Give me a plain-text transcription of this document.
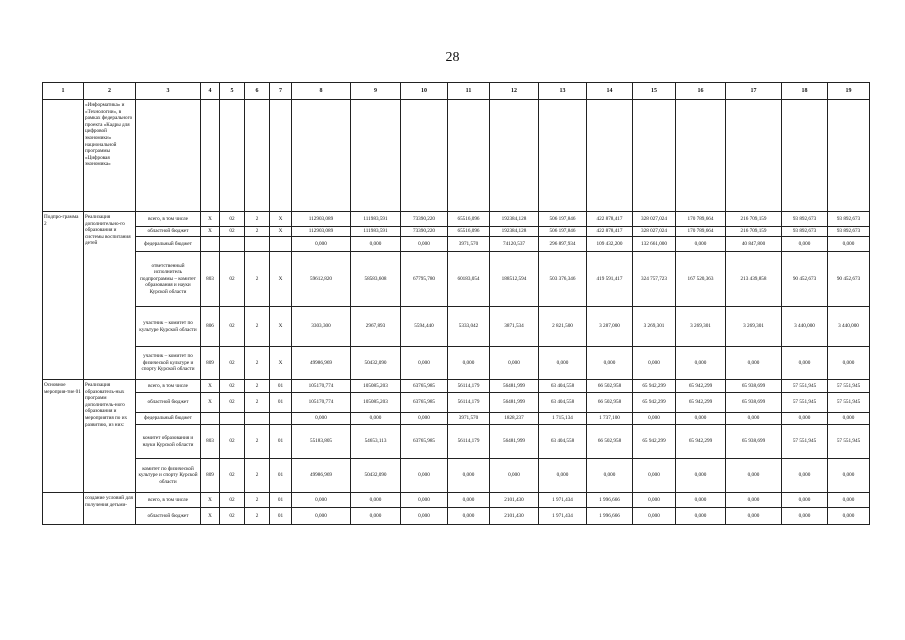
28
1	2	3	4	5	6	7	8	9	10	11	12	13	14	15	16	17	18	19
	«Информатика» и «Технологии», в рамках федерального проекта «Кадры для цифровой экономики» национальной программы «Цифровая экономика»																	
Подпро-грамма 2	Реализация дополнительно-го образования и системы воспитания детей	всего, в том числе	X	02	2	X	112903,089	111983,591	73390,220	65516,096	192384,128	506 197,846	422 878,417	328 027,024	170 789,664	216 709,159	93 892,673	93 892,673
		областной бюджет	X	02	2	X	112903,089	111983,591	73390,220	65516,096	192384,128	506 197,846	422 878,417	328 027,024	170 789,664	216 709,159	93 892,673	93 892,673
		федеральный бюджет					0,000	0,000	0,000	3971,570	74120,537	296 897,934	109 432,200	132 661,000	0,000	40 847,800	0,000	0,000
		ответственный исполнитель подпрограммы – комитет образования и науки Курской области	803	02	2	X	59612,820	58583,608	67795,780	60183,054	188512,594	503 376,346	419 591,417	324 757,723	167 520,363	213 439,858	90 452,673	90 452,673
		участник – комитет по культуре Курской области	806	02	2	X	3303,300	2967,893	5594,440	5333,042	3871,534	2 821,500	3 287,000	3 269,301	3 269,301	3 269,301	3 440,000	3 440,000
		участник – комитет по физической культуре и спорту Курской области	809	02	2	X	49986,969	50432,090	0,000	0,000	0,000	0,000	0,000	0,000	0,000	0,000	0,000	0,000
Основное мероприя-тие 01	Реализация образователь-ных программ дополнитель-ного образования и мероприятия по их развитию, из них:	всего, в том числе	X	02	2	01	105170,774	105085,203	63765,985	56114,179	56481,999	63 404,558	66 502,958	65 942,299	65 942,299	65 938,699	57 551,945	57 551,945
		областной бюджет	X	02	2	01	105170,774	105085,203	63765,985	56114,179	56481,999	63 404,558	66 502,958	65 942,299	65 942,299	65 938,699	57 551,945	57 551,945
		федеральный бюджет					0,000	0,000	0,000	3971,570	1828,237	1 715,134	1 737,100	0,000	0,000	0,000	0,000	0,000
		комитет образования и науки Курской области	803	02	2	01	55183,805	54653,113	63765,985	56114,179	56481,999	63 404,558	66 502,958	65 942,299	65 942,299	65 938,699	57 551,945	57 551,945
		комитет по физической культуре и спорту Курской области	809	02	2	01	49986,969	50432,090	0,000	0,000	0,000	0,000	0,000	0,000	0,000	0,000	0,000	0,000
	создание условий для получения детьми-	всего, в том числе	X	02	2	01	0,000	0,000	0,000	0,000	2101,430	1 971,434	1 996,666	0,000	0,000	0,000	0,000	0,000
		областной бюджет	X	02	2	01	0,000	0,000	0,000	0,000	2101,430	1 971,434	1 996,666	0,000	0,000	0,000	0,000	0,000
